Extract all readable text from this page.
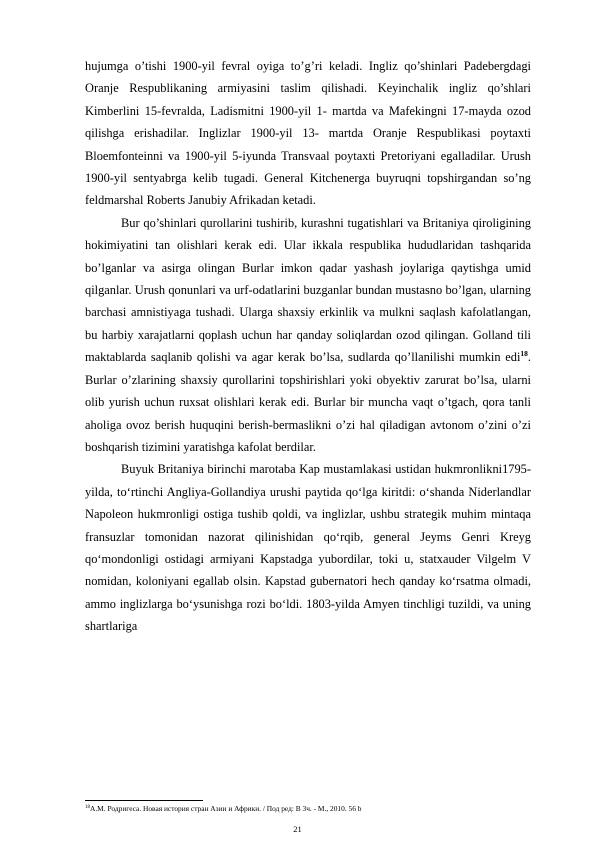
hujumga o’tishi 1900-yil fevral oyiga to’g’ri keladi. Ingliz qo’shinlari Padebergdagi Oranje Respublikaning armiyasini taslim qilishadi. Keyinchalik ingliz qo’shlari Kimberlini 15-fevralda, Ladismitni 1900-yil 1- martda va Mafekingni 17-mayda ozod qilishga erishadilar. Inglizlar 1900-yil 13- martda Oranje Respublikasi poytaxti Bloemfonteinni va 1900-yil 5-iyunda Transvaal poytaxti Pretoriyani egalladilar. Urush 1900-yil sentyabrga kelib tugadi. General Kitchenerga buyruqni topshirgandan so’ng feldmarshal Roberts Janubiy Afrikadan ketadi.

Bur qo’shinlari qurollarini tushirib, kurashni tugatishlari va Britaniya qiroligining hokimiyatini tan olishlari kerak edi. Ular ikkala respublika hududlaridan tashqarida bo’lganlar va asirga olingan Burlar imkon qadar yashash joylariga qaytishga umid qilganlar. Urush qonunlari va urf-odatlarini buzganlar bundan mustasno bo’lgan, ularning barchasi amnistiyaga tushadi. Ularga shaxsiy erkinlik va mulkni saqlash kafolatlangan, bu harbiy xarajatlarni qoplash uchun har qanday soliqlardan ozod qilingan. Golland tili maktablarda saqlanib qolishi va agar kerak bo’lsa, sudlarda qo’llanilishi mumkin edi$^{18}$. Burlar o’zlarining shaxsiy qurollarini topshirishlari yoki obyektiv zarurat bo’lsa, ularni olib yurish uchun ruxsat olishlari kerak edi. Burlar bir muncha vaqt o’tgach, qora tanli aholiga ovoz berish huquqini berish-bermaslikni o’zi hal qiladigan avtonom o’zini o’zi boshqarish tizimini yaratishga kafolat berdilar.

Buyuk Britaniya birinchi marotaba Kap mustamlakasi ustidan hukmronlikni1795-yilda, to‘rtinchi Angliya-Gollandiya urushi paytida qo‘lga kiritdi: o‘shanda Niderlandlar Napoleon hukmronligi ostiga tushib qoldi, va inglizlar, ushbu strategik muhim mintaqa fransuzlar tomonidan nazorat qilinishidan qo‘rqib, general Jeyms Genri Kreyg qo‘mondonligi ostidagi armiyani Kapstadga yubordilar, toki u, statxauder Vilgelm V nomidan, koloniyani egallab olsin. Kapstad gubernatori hech qanday ko‘rsatma olmadi, ammo inglizlarga bo‘ysunishga rozi bo‘ldi. 1803-yilda Amyen tinchligi tuzildi, va uning shartlariga

$^{18}$А.М. Родригеса. Новая история стран Азии и Африки. / Под ред: В 3ч. - М., 2010. 56 b
21
